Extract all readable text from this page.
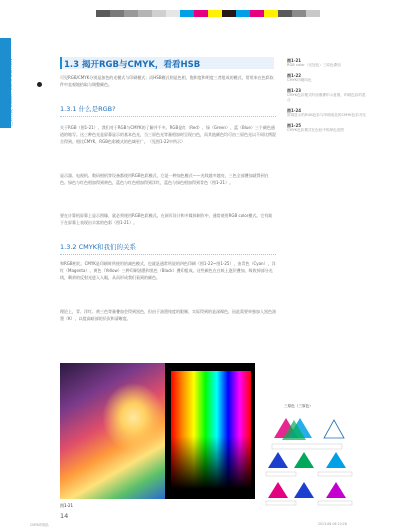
色彩构成 COLOR COMPOSITION	1.3 揭开RGB与CMYK，看看HSB
可见RGB/CMYK分别是加色的光模式与印刷模式；而HSB模式则是色相、饱和度和明度三者组成的模式，常用来在色彩软件中直观地拾取与调整颜色。
1.3.1 什么是RGB?
关于RGB（图1-21），我们对于RGB与CMYK的了解并不多。RGB是红（Red）、绿（Green）、蓝（Blue）三个颜色通道的缩写。这三种色光是屏幕显示的基本色光，当三原色光等量相加时呈现白色，而其他颜色均可由三原色光以不同比例混合得到。相比CMYK，RGB色彩模式的色域更广。（见图1-22中所示）
显示器、电视机、数码相机等设备都使用RGB色彩模式，它是一种加色模式——光线越多越亮，三色全部叠加就得到白色。绿色与红色相加得到黄色，蓝色与红色相加得到洋红，蓝色与绿色相加得到青色（图1-21）。
要在计算机屏幕上显示图像，就必须使用RGB色彩模式。在网页设计和多媒体制作中，通常使用RGB color模式。它有助于在屏幕上表现出丰富的色彩（图1-21）。
1.3.2 CMYK和我们的关系
和RGB相比，CMYK是印刷时所使用的减色模式，也就是通常所说的四色印刷（图1-22~图1-25），由青色（Cyan）、洋红（Magenta）、黄色（Yellow）三种印刷油墨和黑色（Black）叠印组成。这些颜色在白纸上逐层叠加，吸收掉部分光线，剩余的反射光进入人眼，从而形成我们看到的颜色。
理论上，青、洋红、黄三色等量叠加会得到黑色，但由于油墨纯度的限制，实际得到的是深褐色，因此需要单独加入黑色油墨（K），以提高暗部的层次和清晰度。
图1-21
RGB color（光加色）三原色叠加
图1-22
CMYK印刷四色
图1-23
CMYK色彩模式的油墨叠印示意图，印刷色彩的混合
图1-24
屏幕显示的RGB色彩与印刷成品的CMYK色彩对比
图1-25
CMYK色彩模式在色轮中的颜色范围
三原色（三原色）
图1-21
14
CMYK印刷品	2013-08-06 10:28
